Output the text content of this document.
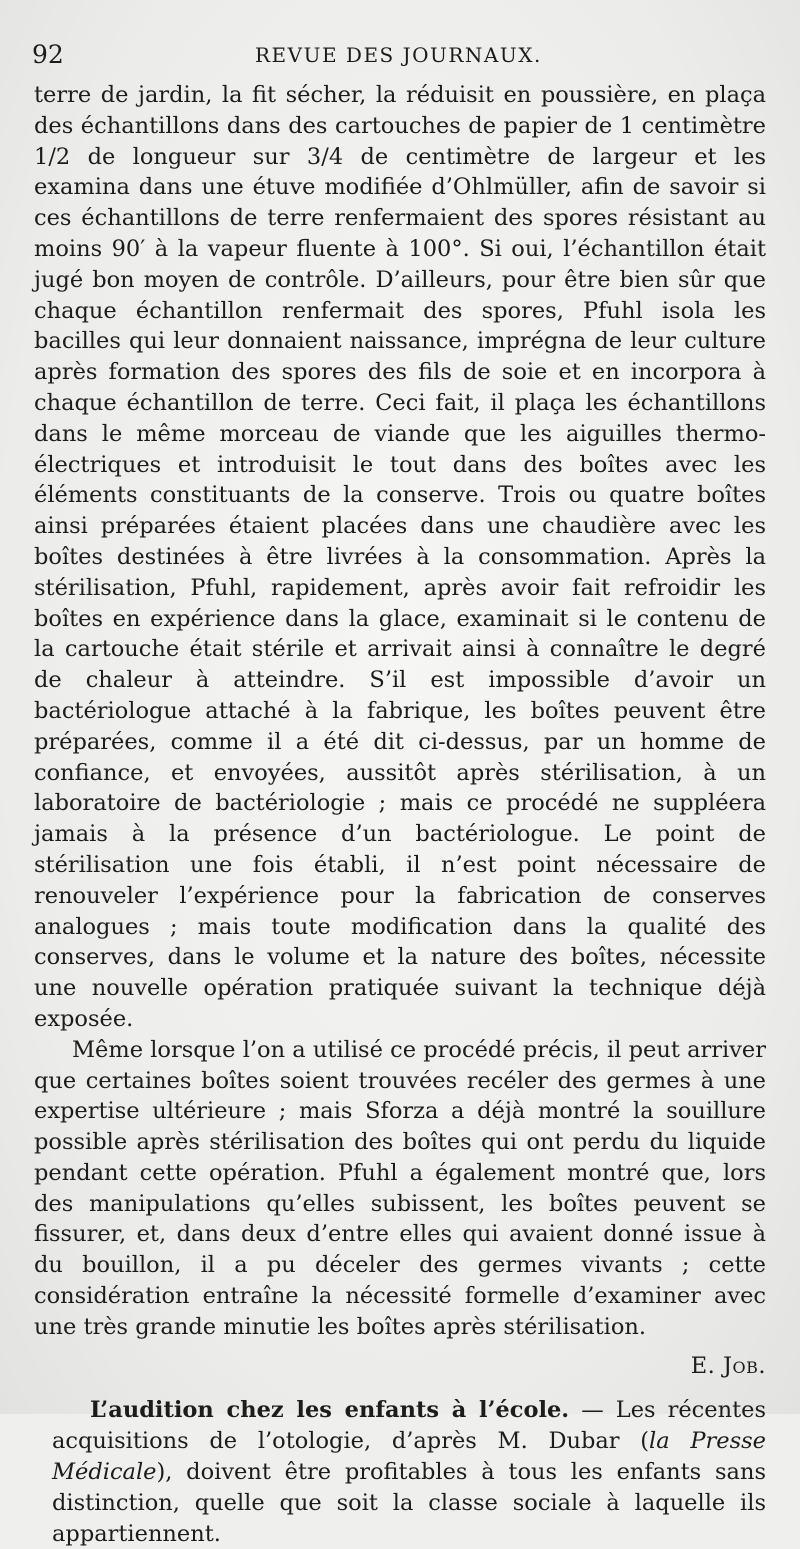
92	REVUE DES JOURNAUX.

terre de jardin, la fit sécher, la réduisit en poussière, en plaça des échantillons dans des cartouches de papier de 1 centimètre 1/2 de longueur sur 3/4 de centimètre de largeur et les examina dans une étuve modifiée d’Ohlmüller, afin de savoir si ces échantillons de terre renfermaient des spores résistant au moins 90′ à la vapeur fluente à 100°. Si oui, l’échantillon était jugé bon moyen de contrôle. D’ailleurs, pour être bien sûr que chaque échantillon renfermait des spores, Pfuhl isola les bacilles qui leur donnaient naissance, imprégna de leur culture après formation des spores des fils de soie et en incorpora à chaque échantillon de terre. Ceci fait, il plaça les échantillons dans le même morceau de viande que les aiguilles thermo-électriques et introduisit le tout dans des boîtes avec les éléments constituants de la conserve. Trois ou quatre boîtes ainsi préparées étaient placées dans une chaudière avec les boîtes destinées à être livrées à la consommation. Après la stérilisation, Pfuhl, rapidement, après avoir fait refroidir les boîtes en expérience dans la glace, examinait si le contenu de la cartouche était stérile et arrivait ainsi à connaître le degré de chaleur à atteindre. S’il est impossible d’avoir un bactériologue attaché à la fabrique, les boîtes peuvent être préparées, comme il a été dit ci-dessus, par un homme de confiance, et envoyées, aussitôt après stérilisation, à un laboratoire de bactériologie ; mais ce procédé ne suppléera jamais à la présence d’un bactériologue. Le point de stérilisation une fois établi, il n’est point nécessaire de renouveler l’expérience pour la fabrication de conserves analogues ; mais toute modification dans la qualité des conserves, dans le volume et la nature des boîtes, nécessite une nouvelle opération pratiquée suivant la technique déjà exposée.

Même lorsque l’on a utilisé ce procédé précis, il peut arriver que certaines boîtes soient trouvées recéler des germes à une expertise ultérieure ; mais Sforza a déjà montré la souillure possible après stérilisation des boîtes qui ont perdu du liquide pendant cette opération. Pfuhl a également montré que, lors des manipulations qu’elles subissent, les boîtes peuvent se fissurer, et, dans deux d’entre elles qui avaient donné issue à du bouillon, il a pu déceler des germes vivants ; cette considération entraîne la nécessité formelle d’examiner avec une très grande minutie les boîtes après stérilisation.

E. Job.

L’audition chez les enfants à l’école. — Les récentes acquisitions de l’otologie, d’après M. Dubar (la Presse Médicale), doivent être profitables à tous les enfants sans distinction, quelle que soit la classe sociale à laquelle ils appartiennent.
